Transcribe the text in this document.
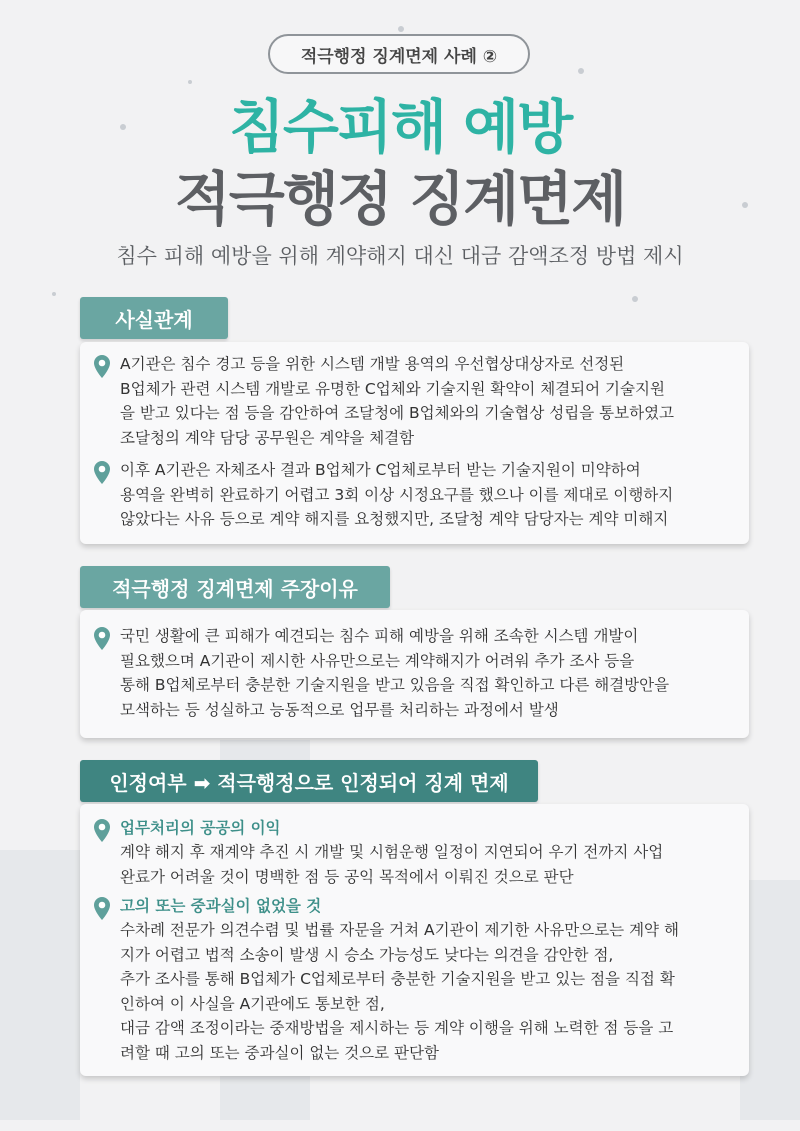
적극행정 징계면제 사례 ②
침수피해 예방
적극행정 징계면제
침수 피해 예방을 위해 계약해지 대신 대금 감액조정 방법 제시
사실관계
A기관은 침수 경고 등을 위한 시스템 개발 용역의 우선협상대상자로 선정된
B업체가 관련 시스템 개발로 유명한 C업체와 기술지원 확약이 체결되어 기술지원
을 받고 있다는 점 등을 감안하여 조달청에 B업체와의 기술협상 성립을 통보하였고
조달청의 계약 담당 공무원은 계약을 체결함
이후 A기관은 자체조사 결과 B업체가 C업체로부터 받는 기술지원이 미약하여
용역을 완벽히 완료하기 어렵고 3회 이상 시정요구를 했으나 이를 제대로 이행하지
않았다는 사유 등으로 계약 해지를 요청했지만, 조달청 계약 담당자는 계약 미해지
적극행정 징계면제 주장이유
국민 생활에 큰 피해가 예견되는 침수 피해 예방을 위해 조속한 시스템 개발이
필요했으며 A기관이 제시한 사유만으로는 계약해지가 어려워 추가 조사 등을
통해 B업체로부터 충분한 기술지원을 받고 있음을 직접 확인하고 다른 해결방안을
모색하는 등 성실하고 능동적으로 업무를 처리하는 과정에서 발생
인정여부 ➡ 적극행정으로 인정되어 징계 면제
업무처리의 공공의 이익
계약 해지 후 재계약 추진 시 개발 및 시험운행 일정이 지연되어 우기 전까지 사업
완료가 어려울 것이 명백한 점 등 공익 목적에서 이뤄진 것으로 판단
고의 또는 중과실이 없었을 것
수차례 전문가 의견수렴 및 법률 자문을 거쳐 A기관이 제기한 사유만으로는 계약 해
지가 어렵고 법적 소송이 발생 시 승소 가능성도 낮다는 의견을 감안한 점,
추가 조사를 통해 B업체가 C업체로부터 충분한 기술지원을 받고 있는 점을 직접 확
인하여 이 사실을 A기관에도 통보한 점,
대금 감액 조정이라는 중재방법을 제시하는 등 계약 이행을 위해 노력한 점 등을 고
려할 때 고의 또는 중과실이 없는 것으로 판단함
